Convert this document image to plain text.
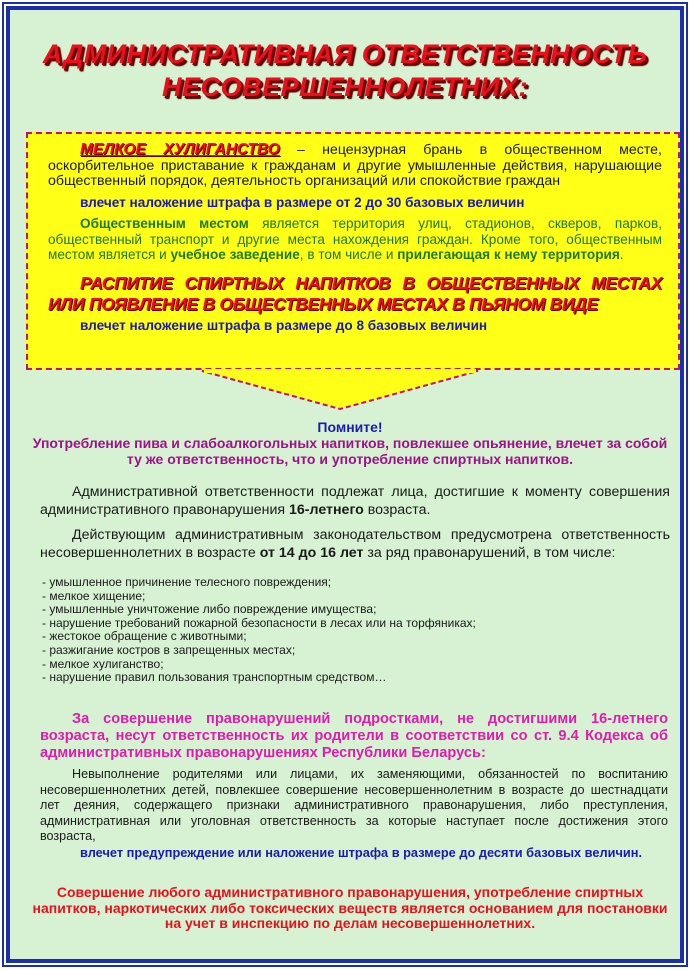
АДМИНИСТРАТИВНАЯ ОТВЕТСТВЕННОСТЬ
НЕСОВЕРШЕННОЛЕТНИХ:
МЕЛКОЕ ХУЛИГАНСТВО – нецензурная брань в общественном месте, оскорбительное приставание к гражданам и другие умышленные действия, нарушающие общественный порядок, деятельность организаций или спокойствие граждан
влечет наложение штрафа в размере от 2 до 30 базовых величин
Общественным местом является территория улиц, стадионов, скверов, парков, общественный транспорт и другие места нахождения граждан. Кроме того, общественным местом является и учебное заведение, в том числе и прилегающая к нему территория.
РАСПИТИЕ СПИРТНЫХ НАПИТКОВ В ОБЩЕСТВЕННЫХ МЕСТАХ ИЛИ ПОЯВЛЕНИЕ В ОБЩЕСТВЕННЫХ МЕСТАХ В ПЬЯНОМ ВИДЕ
влечет наложение штрафа в размере до 8 базовых величин
Помните!
Употребление пива и слабоалкогольных напитков, повлекшее опьянение, влечет за собой ту же ответственность, что и употребление спиртных напитков.
Административной ответственности подлежат лица, достигшие к моменту совершения административного правонарушения 16-летнего возраста.
Действующим административным законодательством предусмотрена ответственность несовершеннолетних в возрасте от 14 до 16 лет за ряд правонарушений, в том числе:
- умышленное причинение телесного повреждения;
- мелкое хищение;
- умышленные уничтожение либо повреждение имущества;
- нарушение требований пожарной безопасности в лесах или на торфяниках;
- жестокое обращение с животными;
- разжигание костров в запрещенных местах;
- мелкое хулиганство;
- нарушение правил пользования транспортным средством…
За совершение правонарушений подростками, не достигшими 16-летнего возраста, несут ответственность их родители в соответствии со ст. 9.4 Кодекса об административных правонарушениях Республики Беларусь:
Невыполнение родителями или лицами, их заменяющими, обязанностей по воспитанию несовершеннолетних детей, повлекшее совершение несовершеннолетним в возрасте до шестнадцати лет деяния, содержащего признаки административного правонарушения, либо преступления, административная или уголовная ответственность за которые наступает после достижения этого возраста,
влечет предупреждение или наложение штрафа в размере до десяти базовых величин.
Совершение любого административного правонарушения, употребление спиртных напитков, наркотических либо токсических веществ является основанием для постановки на учет в инспекцию по делам несовершеннолетних.
